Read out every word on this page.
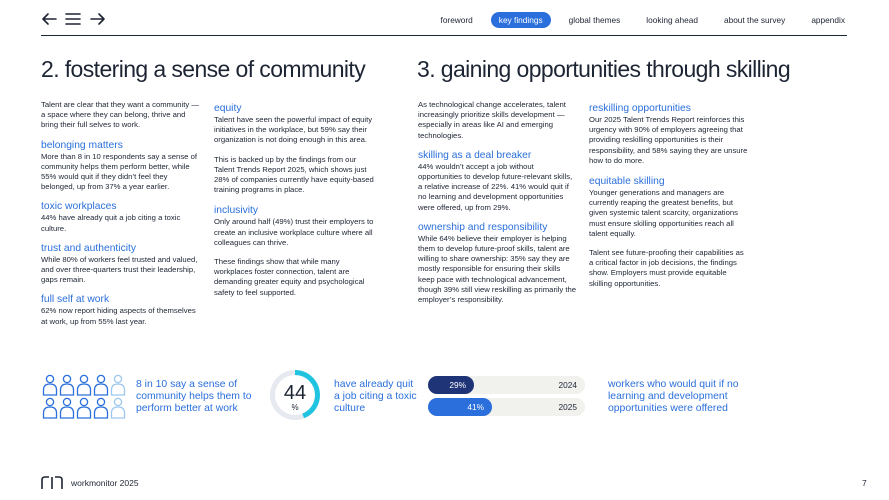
foreword	key findings	global themes	looking ahead	about the survey	appendix
2. fostering a sense of community 3. gaining opportunities through skilling

Talent are clear that they want a community — a space where they can belong, thrive and bring their full selves to work.

belonging matters

More than 8 in 10 respondents say a sense of community helps them perform better, while 55% would quit if they didn’t feel they belonged, up from 37% a year earlier.

toxic workplaces

44% have already quit a job citing a toxic culture.

trust and authenticity

While 80% of workers feel trusted and valued, and over three-quarters trust their leadership, gaps remain.

full self at work

62% now report hiding aspects of themselves at work, up from 55% last year.

equity

Talent have seen the powerful impact of equity initiatives in the workplace, but 59% say their organization is not doing enough in this area.

This is backed up by the findings from our Talent Trends Report 2025, which shows just 28% of companies currently have equity-based training programs in place.

inclusivity

Only around half (49%) trust their employers to create an inclusive workplace culture where all colleagues can thrive.

These findings show that while many workplaces foster connection, talent are demanding greater equity and psychological safety to feel supported.

As technological change accelerates, talent increasingly prioritize skills development — especially in areas like AI and emerging technologies.

skilling as a deal breaker

44% wouldn’t accept a job without opportunities to develop future-relevant skills, a relative increase of 22%. 41% would quit if no learning and development opportunities were offered, up from 29%.

ownership and responsibility

While 64% believe their employer is helping them to develop future-proof skills, talent are willing to share ownership: 35% say they are mostly responsible for ensuring their skills keep pace with technological advancement, though 39% still view reskilling as primarily the employer’s responsibility.

reskilling opportunities

Our 2025 Talent Trends Report reinforces this urgency with 90% of employers agreeing that providing reskilling opportunities is their responsibility, and 58% saying they are unsure how to do more.

equitable skilling

Younger generations and managers are currently reaping the greatest benefits, but given systemic talent scarcity, organizations must ensure skilling opportunities reach all talent equally.

Talent see future-proofing their capabilities as a critical factor in job decisions, the findings show. Employers must provide equitable skilling opportunities.

8 in 10 say a sense of community helps them to perform better at work
44
%
have already quit a job citing a toxic culture
29%	2024
41%	2025
workers who would quit if no learning and development opportunities were offered
workmonitor 2025	7
